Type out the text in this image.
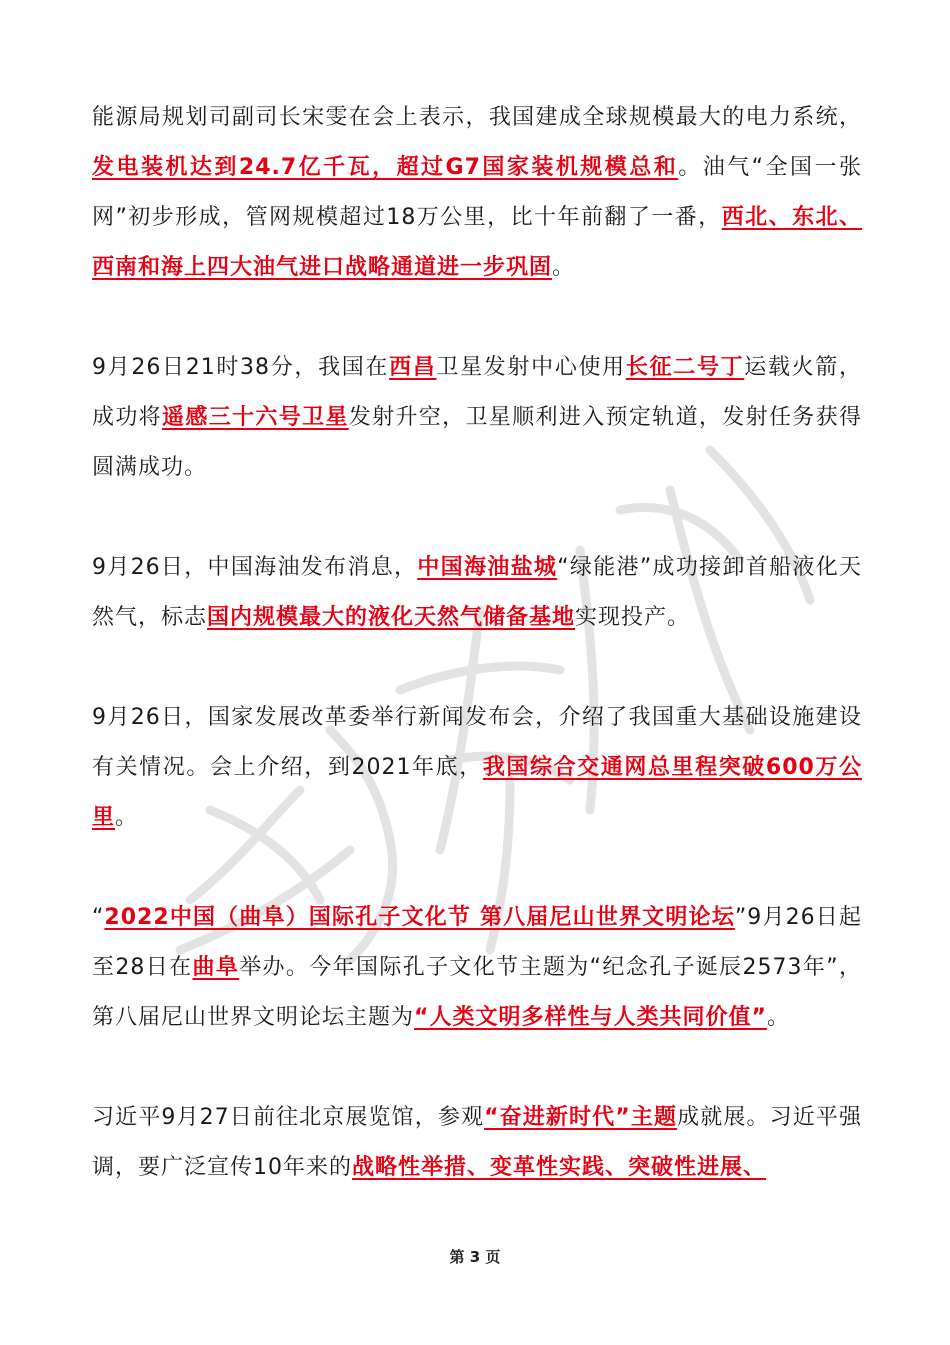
能源局规划司副司长宋雯在会上表示，我国建成全球规模最大的电力系统，发电装机达到24.7亿千瓦，超过G7国家装机规模总和。油气“全国一张网”初步形成，管网规模超过18万公里，比十年前翻了一番，西北、东北、西南和海上四大油气进口战略通道进一步巩固。

9月26日21时38分，我国在西昌卫星发射中心使用长征二号丁运载火箭，成功将遥感三十六号卫星发射升空，卫星顺利进入预定轨道，发射任务获得圆满成功。

9月26日，中国海油发布消息，中国海油盐城“绿能港”成功接卸首船液化天然气，标志国内规模最大的液化天然气储备基地实现投产。

9月26日，国家发展改革委举行新闻发布会，介绍了我国重大基础设施建设有关情况。会上介绍，到2021年底，我国综合交通网总里程突破600万公里。

“2022中国（曲阜）国际孔子文化节 第八届尼山世界文明论坛”9月26日起至28日在曲阜举办。今年国际孔子文化节主题为“纪念孔子诞辰2573年”，第八届尼山世界文明论坛主题为“人类文明多样性与人类共同价值”。

习近平9月27日前往北京展览馆，参观“奋进新时代”主题成就展。习近平强调，要广泛宣传10年来的战略性举措、变革性实践、突破性进展、

第 3 页
